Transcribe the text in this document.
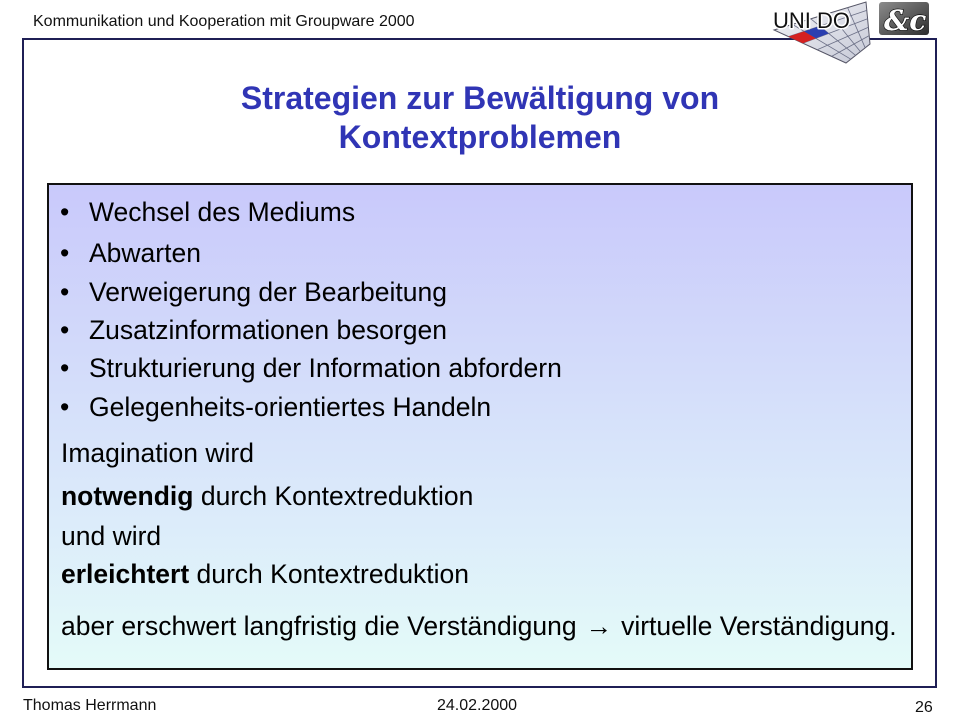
Kommunikation und Kooperation mit Groupware 2000	UNI DO &c
Strategien zur Bewältigung von
Kontextproblemen
• Wechsel des Mediums
• Abwarten
• Verweigerung der Bearbeitung
• Zusatzinformationen besorgen
• Strukturierung der Information abfordern
• Gelegenheits-orientiertes Handeln
Imagination wird
notwendig durch Kontextreduktion
und wird
erleichtert durch Kontextreduktion
aber erschwert langfristig die Verständigung → virtuelle Verständigung.
Thomas Herrmann	24.02.2000	26
